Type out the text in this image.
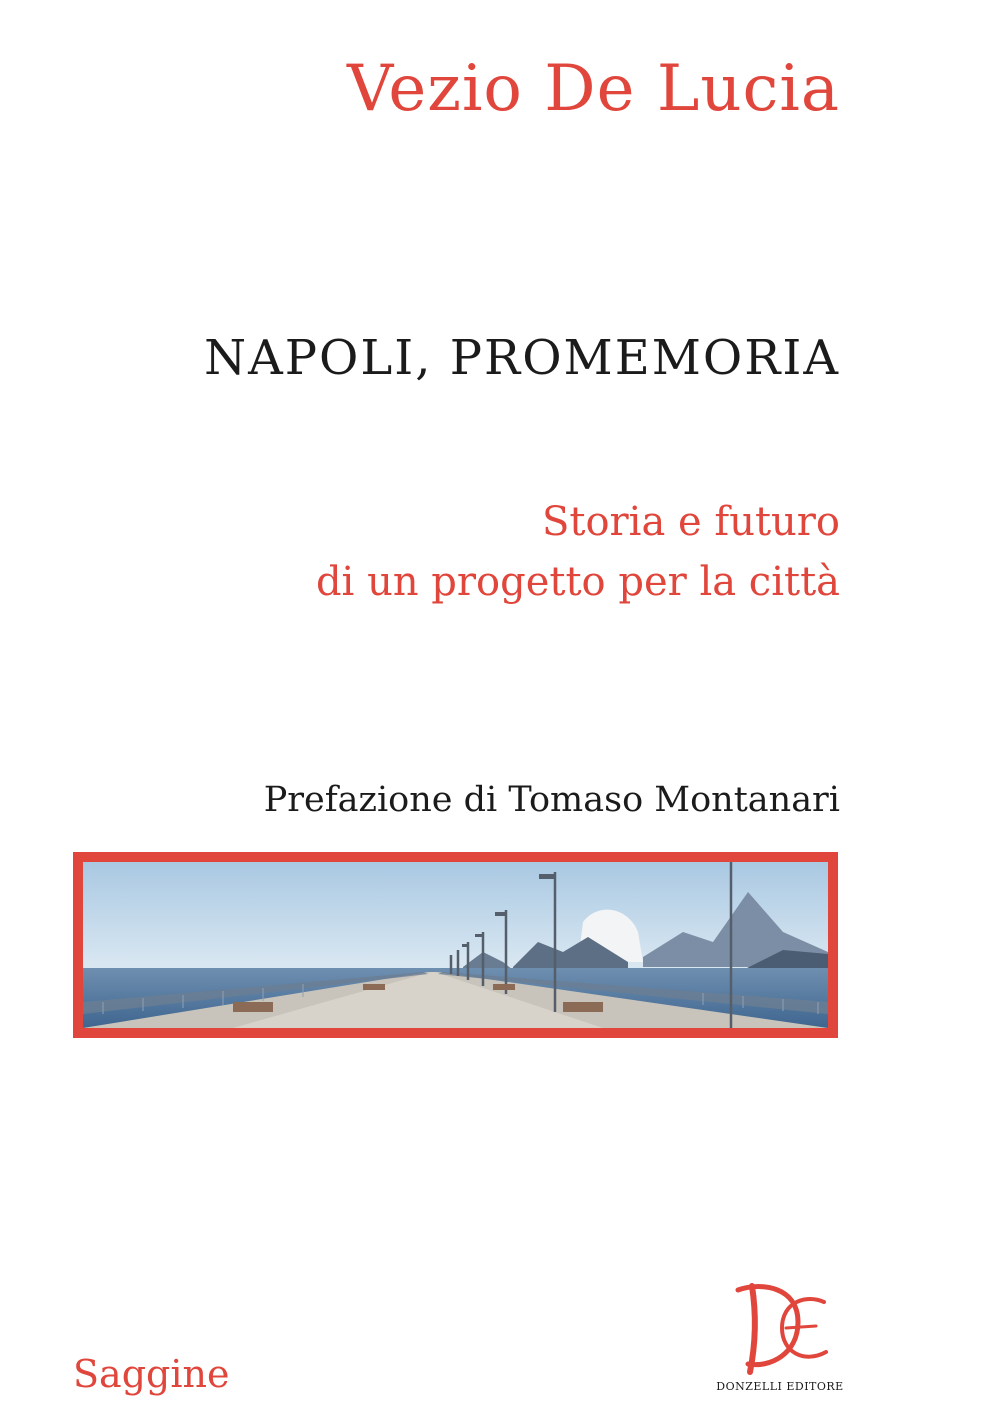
Vezio De Lucia
NAPOLI, PROMEMORIA
Storia e futuro
di un progetto per la città
Prefazione di Tomaso Montanari
Saggine	DONZELLI EDITORE
